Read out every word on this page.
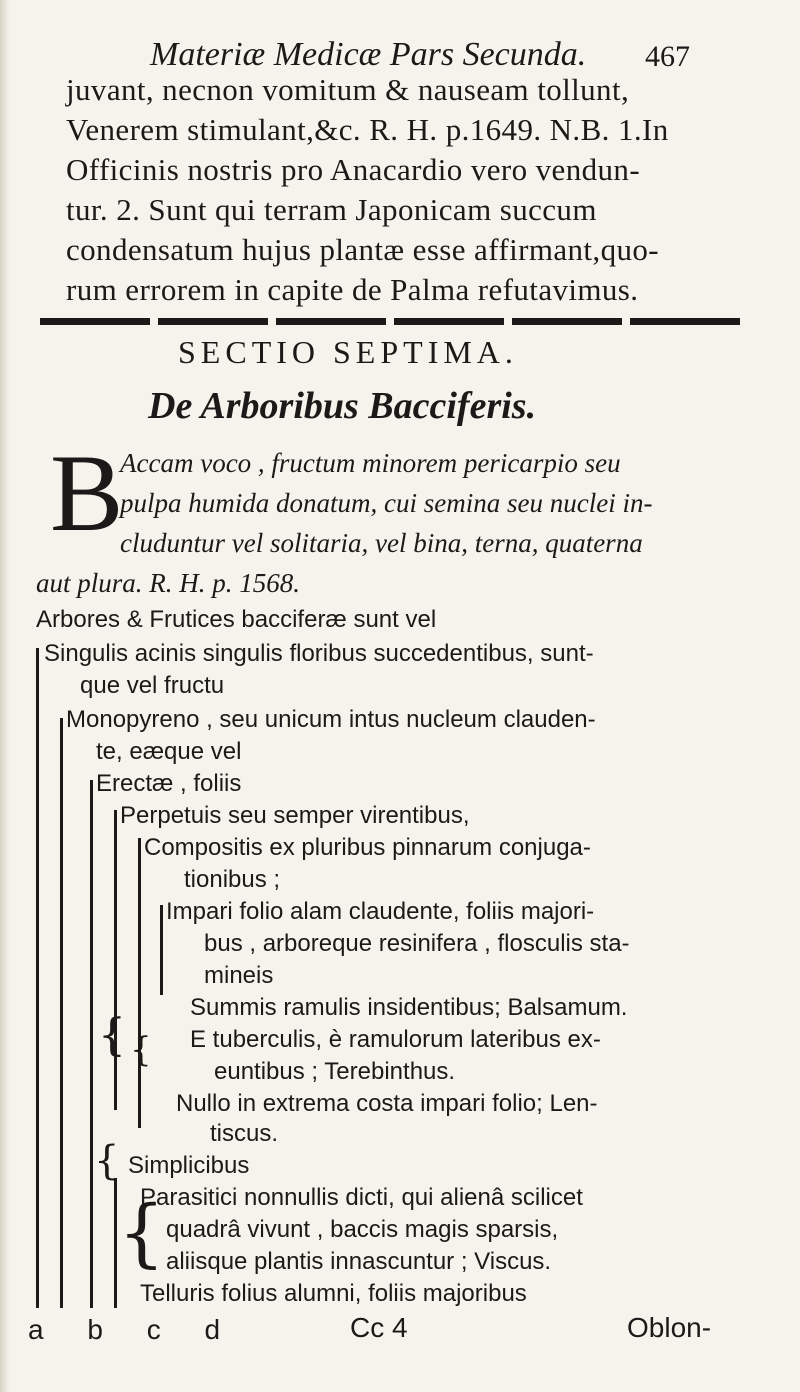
Materiæ Medicæ Pars Secunda. 467
juvant, necnon vomitum & nauseam tollunt,
Venerem stimulant,&c. R. H. p.1649. N.B. 1.In
Officinis nostris pro Anacardio vero vendun-
tur. 2. Sunt qui terram Japonicam succum
condensatum hujus plantæ esse affirmant,quo-
rum errorem in capite de Palma refutavimus.
SECTIO SEPTIMA.
De Arboribus Bacciferis.
B
Accam voco , fructum minorem pericarpio seu
pulpa humida donatum, cui semina seu nuclei in-
cluduntur vel solitaria, vel bina, terna, quaterna
aut plura. R. H. p. 1568.
Arbores & Frutices bacciferæ sunt vel
{ {
{
{
Singulis acinis singulis floribus succedentibus, sunt-
que vel fructu
Monopyreno , seu unicum intus nucleum clauden-
te, eæque vel
Erectæ , foliis
Perpetuis seu semper virentibus,
Compositis ex pluribus pinnarum conjuga-
tionibus ;
Impari folio alam claudente, foliis majori-
bus , arboreque resinifera , flosculis sta-
mineis
Summis ramulis insidentibus; Balsamum.
E tuberculis, è ramulorum lateribus ex-
euntibus ; Terebinthus.
Nullo in extrema costa impari folio; Len-
tiscus.
Simplicibus
Parasitici nonnullis dicti, qui alienâ scilicet
quadrâ vivunt , baccis magis sparsis,
aliisque plantis innascuntur ; Viscus.
Telluris folius alumni, foliis majoribus
a b c d	Cc 4	Oblon-
